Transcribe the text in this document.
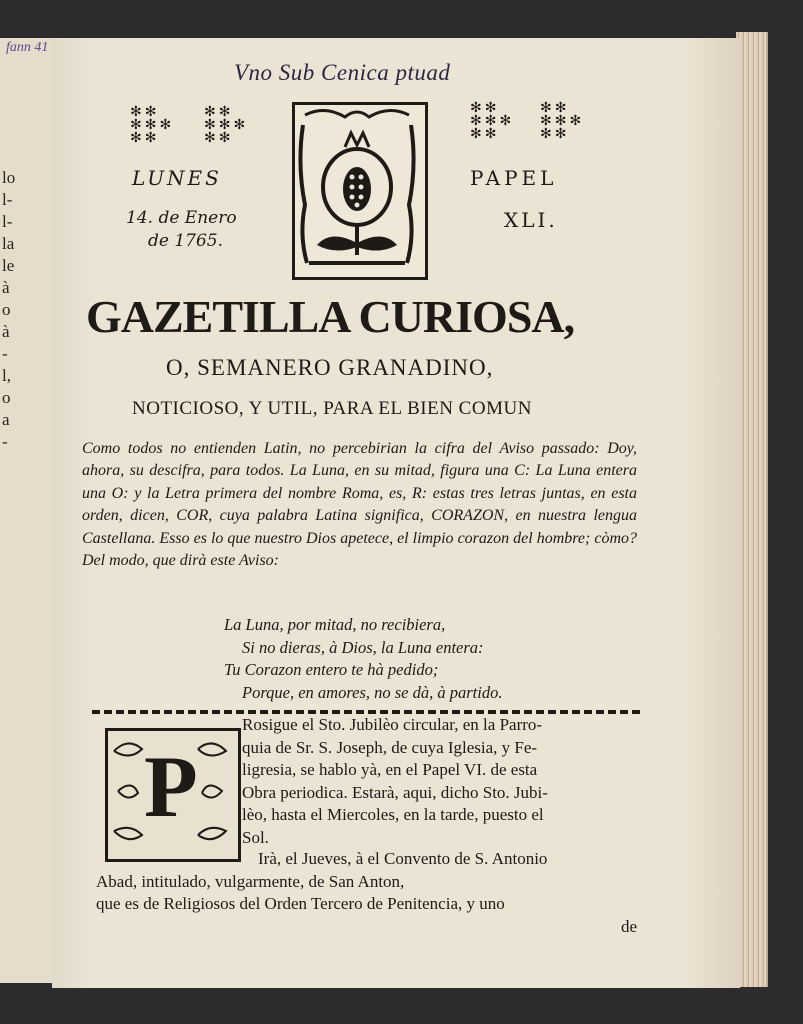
fann 41
lo
l-
l-
la
le
à
o
à
-
l,
o
a
-
Vno Sub Cenica ptuad
✻✻
✻✻✻
✻✻
✻✻
✻✻✻
✻✻
✻✻
✻✻✻
✻✻
✻✻
✻✻✻
✻✻
LUNES
14. de Enero
de 1765.
PAPEL
XLI.
GAZETILLA CURIOSA,
O, SEMANERO GRANADINO,
NOTICIOSO, Y UTIL, PARA EL BIEN COMUN
Como todos no entienden Latin, no percebirian la cifra del Aviso passado: Doy, ahora, su descifra, para todos. La Luna, en su mitad, figura una C: La Luna entera una O: y la Letra primera del nombre Roma, es, R: estas tres letras juntas, en esta orden, dicen, COR, cuya palabra Latina significa, CORAZON, en nuestra lengua Castellana. Esso es lo que nuestro Dios apetece, el limpio corazon del hombre; còmo? Del modo, que dirà este Aviso:
La Luna, por mitad, no recibiera,
Si no dieras, à Dios, la Luna entera:
Tu Corazon entero te hà pedido;
Porque, en amores, no se dà, à partido.
P
Rosigue el Sto. Jubilèo circular, en la Parro-
quia de Sr. S. Joseph, de cuya Iglesia, y Fe-
ligresia, se hablo yà, en el Papel VI. de esta
Obra periodica. Estarà, aqui, dicho Sto. Jubi-
lèo, hasta el Miercoles, en la tarde, puesto el
Sol.
Irà, el Jueves, à el Convento de S. Antonio
Abad, intitulado, vulgarmente, de San Anton,
que es de Religiosos del Orden Tercero de Penitencia, y uno
de
